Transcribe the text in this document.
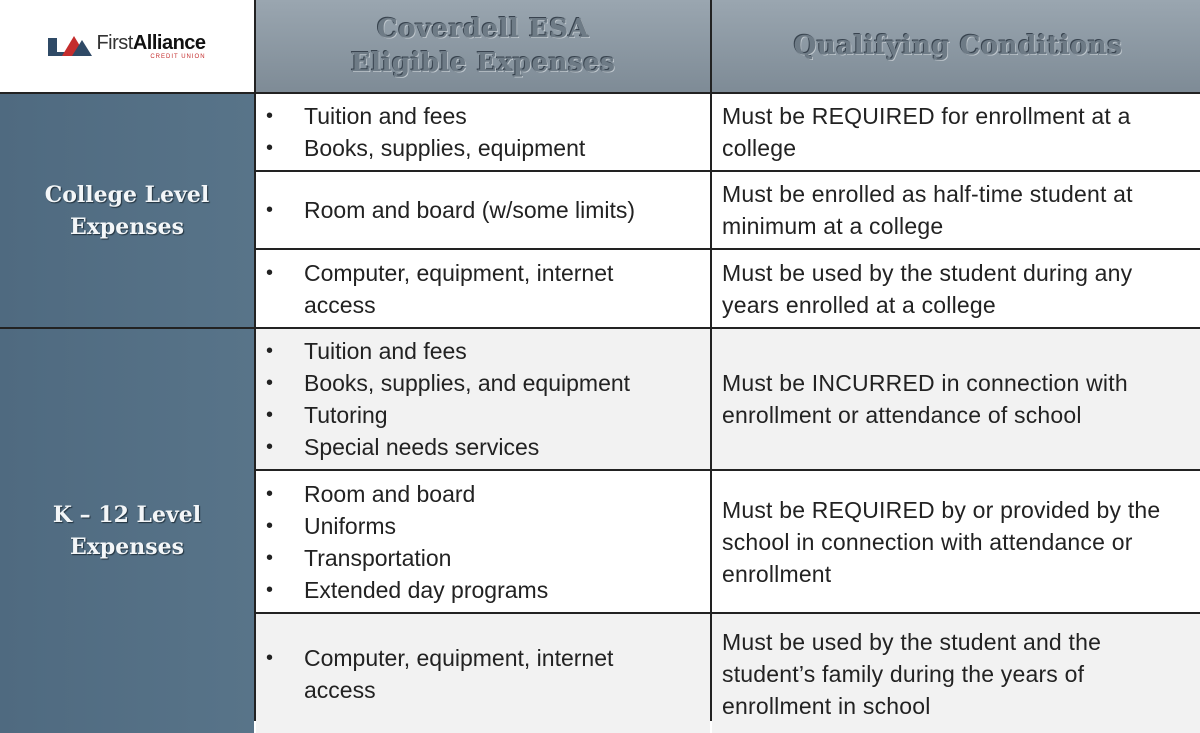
FirstAlliance
CREDIT UNION
Coverdell ESA
Eligible Expenses
Qualifying Conditions
College Level
Expenses
•	Tuition and fees
•	Books, supplies, equipment
Must be REQUIRED for enrollment at a college
•	Room and board (w/some limits)
Must be enrolled as half-time student at minimum at a college
•	Computer, equipment, internet access
Must be used by the student during any years enrolled at a college
K – 12 Level
Expenses
•	Tuition and fees
•	Books, supplies, and equipment
•	Tutoring
•	Special needs services
Must be INCURRED in connection with enrollment or attendance of school
•	Room and board
•	Uniforms
•	Transportation
•	Extended day programs
Must be REQUIRED by or provided by the school in connection with attendance or enrollment
•	Computer, equipment, internet access
Must be used by the student and the student’s family during the years of enrollment in school
